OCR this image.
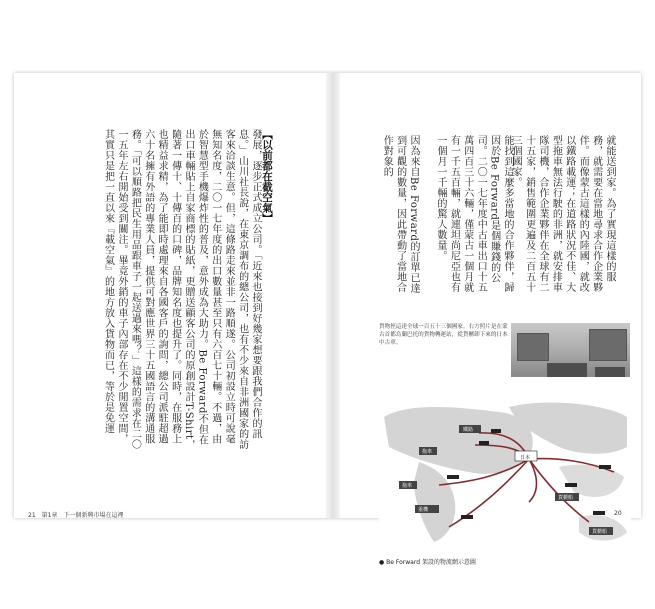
發展，逐步正式成立公司。「近來也接到好幾家想要跟我們合作的訊息。」山川社長說，在東京調布的總公司，也有不少來自非洲國家的訪客來洽談生意。但，這條路走來並非一路順遂。公司初設立時可說毫無知名度，二〇一七年度的出口數量甚至只有六百七十輛。不過，由於智慧型手機爆炸性的普及，意外成為大助力。Be Forward不但在出口車輛貼上自家商標的貼紙，更贈送顧客公司的原創設計T-Shirt，隨著一傳十、十傳百的口碑，品牌知名度也提升了。同時，在服務上也精益求精，為了能即時處理來自各國客戶的詢問，總公司派駐超過六十名擁有外語的專業人員，提供可對應世界三十五國語言的溝通服務。「可以順路把民生用品跟車子一起送過來嗎？」這樣的需求在二〇一五年左右開始受到關注。畢竟外銷的車子內部存在不少閒置空間，其實只是把一直以來『載空氣』的地方放入貨物而已，等於是免運	【以前都在截空氣】	因為來自Be Forward的訂單已達到可觀的數量，因此帶動了當地合作對象的	能找到這麼多當地的合作夥伴，歸因於Be Forward是個賺錢的公司。二〇一七年度中古車出口十五萬四百三十六輛，僅蒙古一個月就有一千五百輛，就連坦尚尼亞也有一個月一千輛的驚人數量。	就能送到家。為了實現這樣的服務，就需要在當地尋求合作企業夥伴。而像蒙古這樣的內陸國，就改以鐵路載運；在道路狀況不佳、大型拖車無法行駛的非洲，就安排車隊司機，合作企業夥伴在全球有二十五家，銷售範圍更遍及二百五十三個國家。

貨物徑這達全球一百五十三個國家。右方照片是在蒙古首都烏蘭巴托的貨物轉運站，從貨櫃卸下來的日本中古車。
日本
鐵路
拖車
拖車
重機
貨櫃船
貨櫃船
● Be Forward 架設的物流網示意圖
21　第1章　下一個新興市場在這裡	20
